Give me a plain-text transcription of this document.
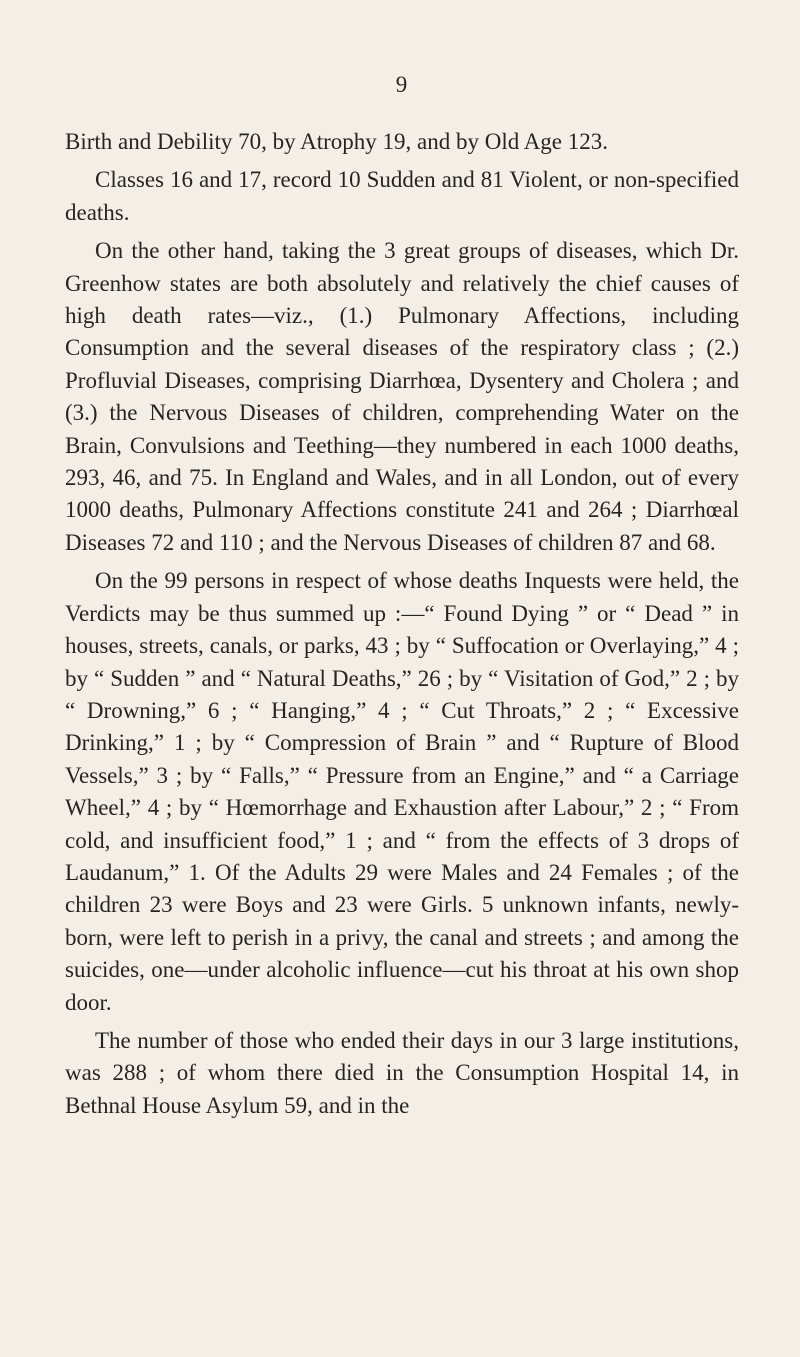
9

Birth and Debility 70, by Atrophy 19, and by Old Age 123.

Classes 16 and 17, record 10 Sudden and 81 Violent, or non-specified deaths.

On the other hand, taking the 3 great groups of diseases, which Dr. Greenhow states are both absolutely and relatively the chief causes of high death rates—viz., (1.) Pulmonary Affections, including Consumption and the several diseases of the respiratory class ; (2.) Profluvial Diseases, comprising Diarrhœa, Dysentery and Cholera ; and (3.) the Nervous Diseases of children, comprehending Water on the Brain, Convulsions and Teething—they numbered in each 1000 deaths, 293, 46, and 75. In England and Wales, and in all London, out of every 1000 deaths, Pulmonary Affections constitute 241 and 264 ; Diarrhœal Diseases 72 and 110 ; and the Nervous Diseases of children 87 and 68.

On the 99 persons in respect of whose deaths Inquests were held, the Verdicts may be thus summed up :—“ Found Dying ” or “ Dead ” in houses, streets, canals, or parks, 43 ; by “ Suffocation or Overlaying,” 4 ; by “ Sudden ” and “ Natural Deaths,” 26 ; by “ Visitation of God,” 2 ; by “ Drowning,” 6 ; “ Hanging,” 4 ; “ Cut Throats,” 2 ; “ Excessive Drinking,” 1 ; by “ Compression of Brain ” and “ Rupture of Blood Vessels,” 3 ; by “ Falls,” “ Pressure from an Engine,” and “ a Carriage Wheel,” 4 ; by “ Hœmorrhage and Exhaustion after Labour,” 2 ; “ From cold, and insufficient food,” 1 ; and “ from the effects of 3 drops of Laudanum,” 1. Of the Adults 29 were Males and 24 Females ; of the children 23 were Boys and 23 were Girls. 5 unknown infants, newly-born, were left to perish in a privy, the canal and streets ; and among the suicides, one—under alcoholic influence—cut his throat at his own shop door.

The number of those who ended their days in our 3 large institutions, was 288 ; of whom there died in the Consumption Hospital 14, in Bethnal House Asylum 59, and in the
